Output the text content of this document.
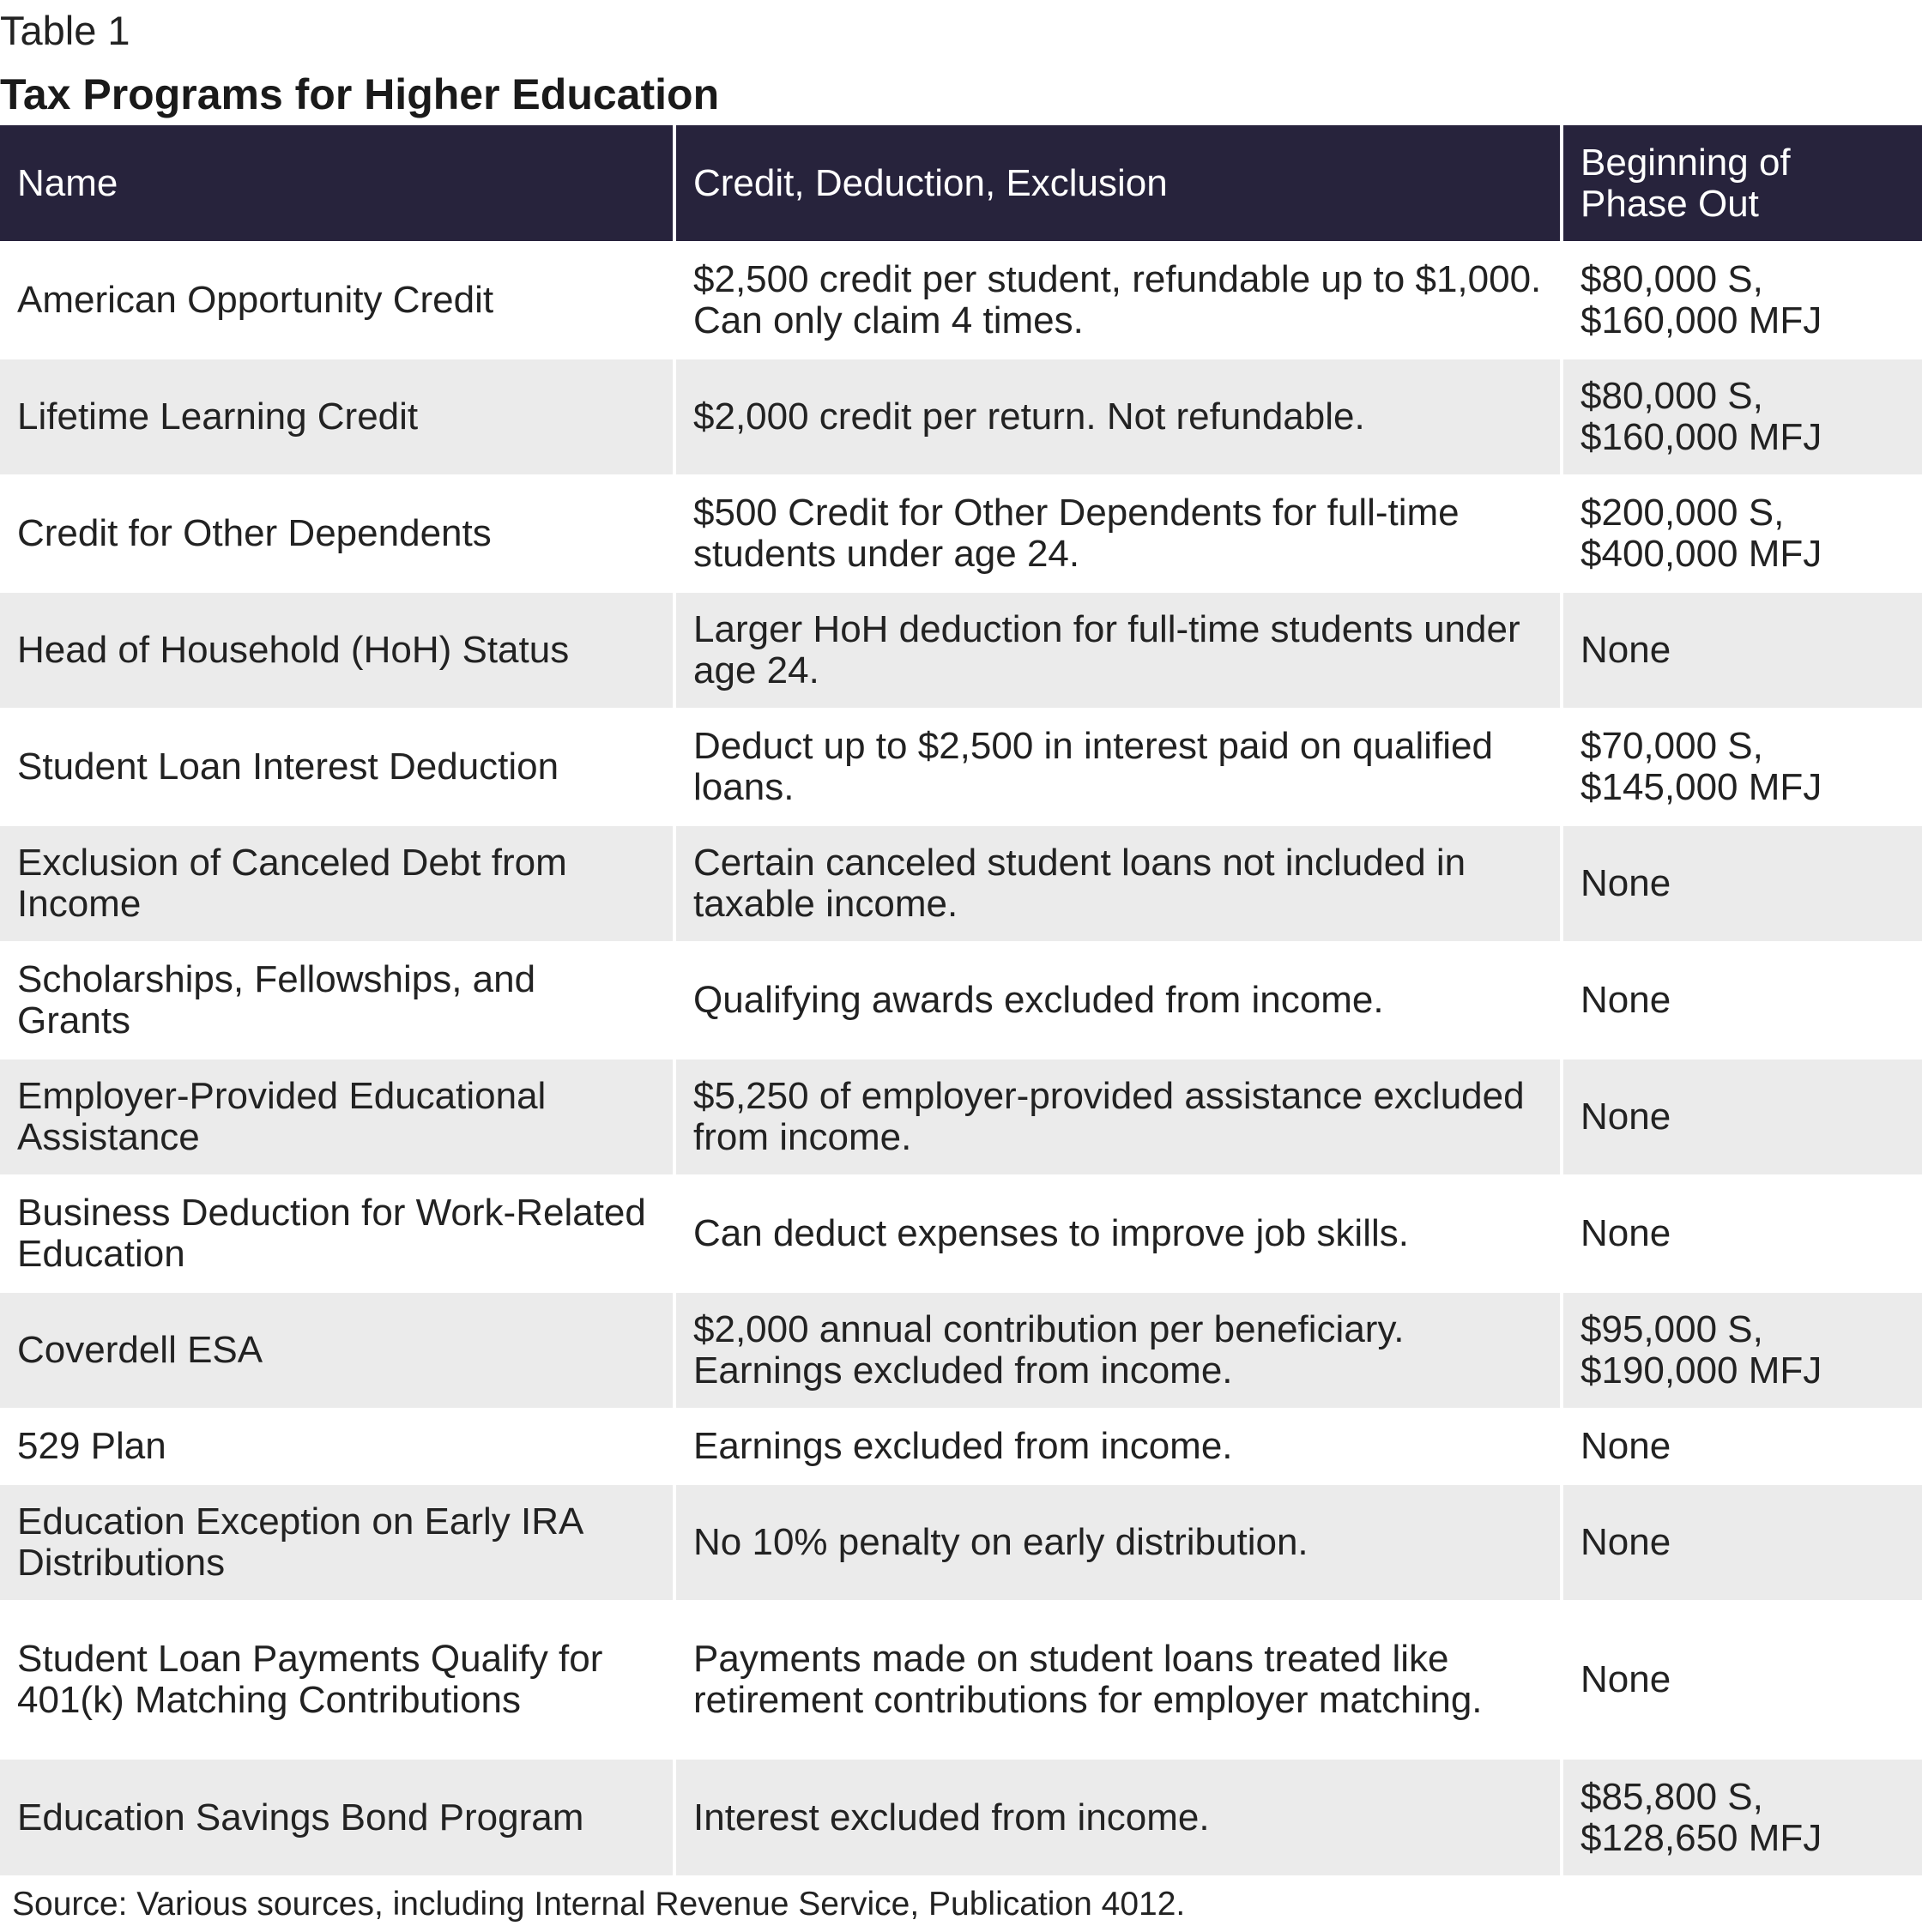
Table 1
Tax Programs for Higher Education
Name	Credit, Deduction, Exclusion	Beginning of Phase Out
American Opportunity Credit	$2,500 credit per student, refundable up to $1,000. Can only claim 4 times.	$80,000 S, $160,000 MFJ
Lifetime Learning Credit	$2,000 credit per return. Not refundable.	$80,000 S, $160,000 MFJ
Credit for Other Dependents	$500 Credit for Other Dependents for full-time students under age 24.	$200,000 S, $400,000 MFJ
Head of Household (HoH) Status	Larger HoH deduction for full-time students under age 24.	None
Student Loan Interest Deduction	Deduct up to $2,500 in interest paid on qualified loans.	$70,000 S, $145,000 MFJ
Exclusion of Canceled Debt from Income	Certain canceled student loans not included in taxable income.	None
Scholarships, Fellowships, and Grants	Qualifying awards excluded from income.	None
Employer-Provided Educational Assistance	$5,250 of employer-provided assistance excluded from income.	None
Business Deduction for Work-Related Education	Can deduct expenses to improve job skills.	None
Coverdell ESA	$2,000 annual contribution per beneficiary. Earnings excluded from income.	$95,000 S, $190,000 MFJ
529 Plan	Earnings excluded from income.	None
Education Exception on Early IRA Distributions	No 10% penalty on early distribution.	None
Student Loan Payments Qualify for 401(k) Matching Contributions	Payments made on student loans treated like retirement contributions for employer matching.	None
Education Savings Bond Program	Interest excluded from income.	$85,800 S, $128,650 MFJ
Source: Various sources, including Internal Revenue Service, Publication 4012.
